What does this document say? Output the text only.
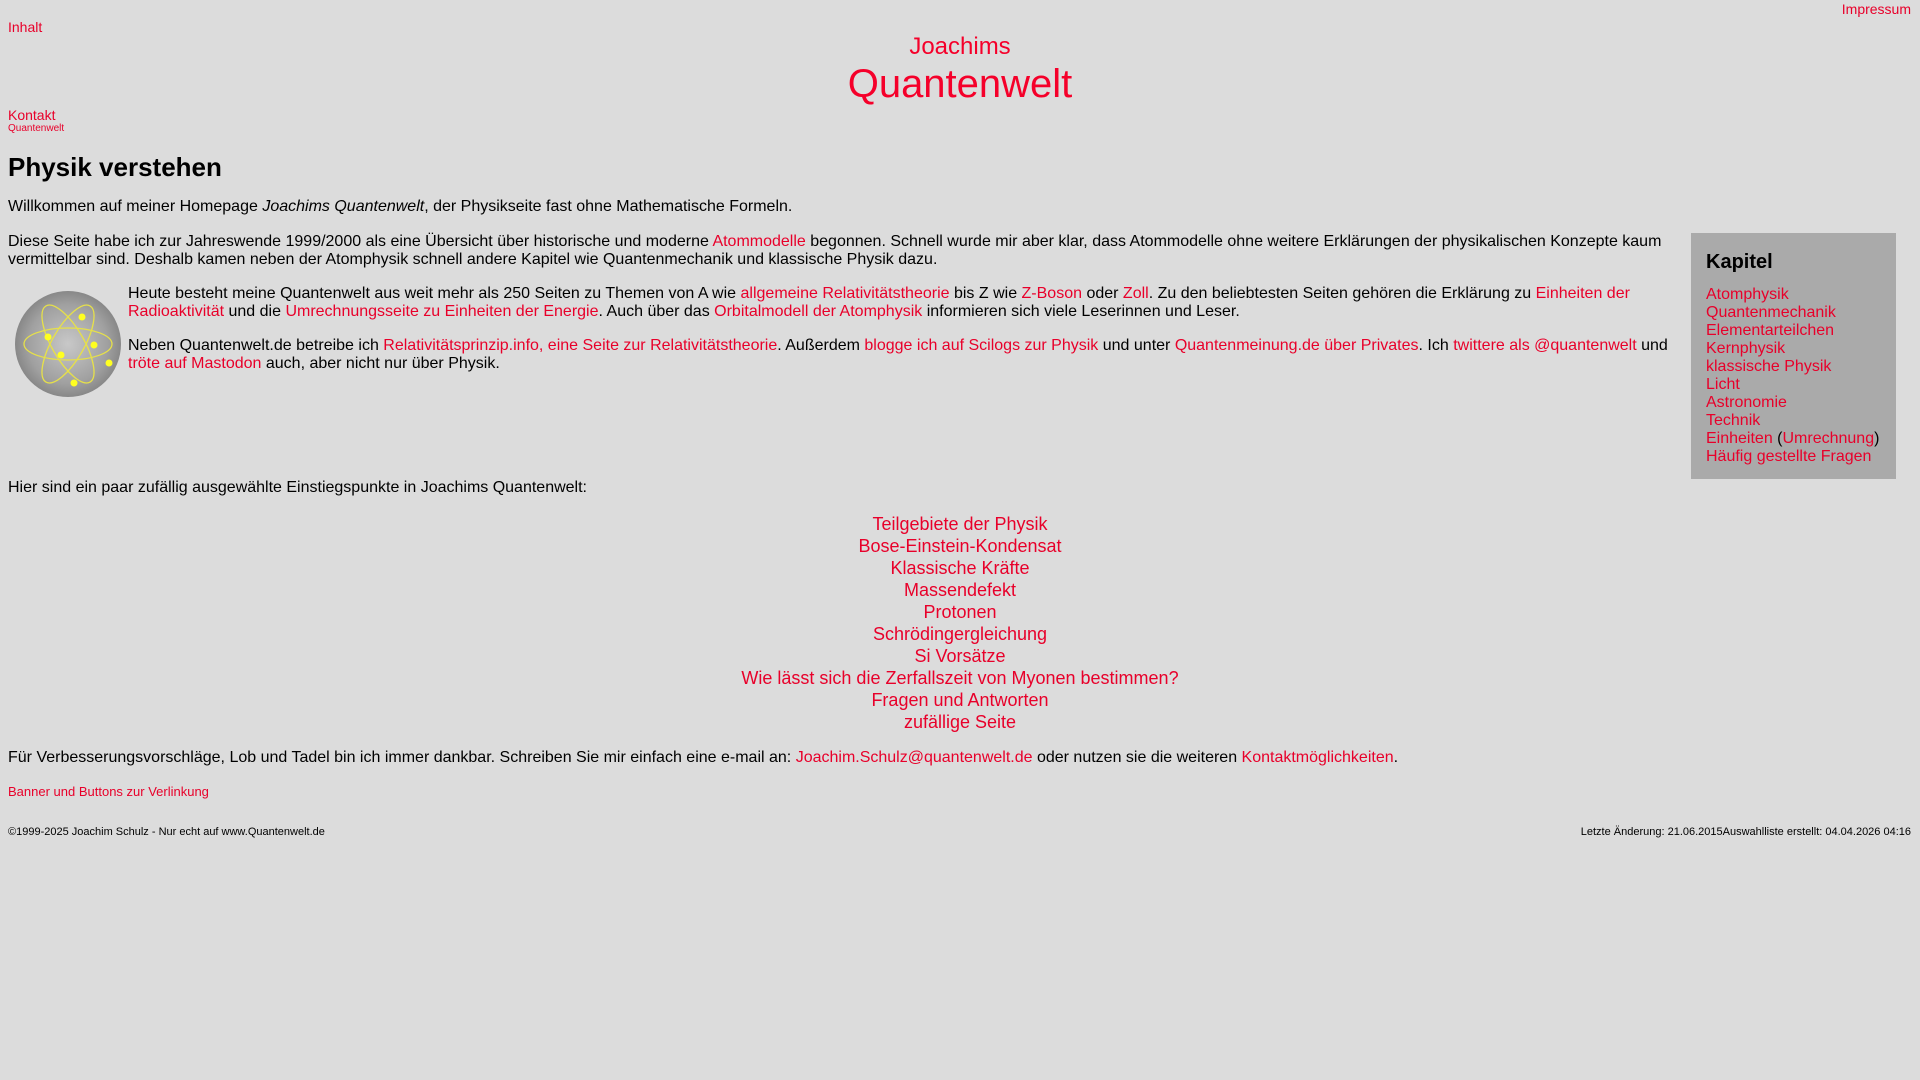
Impressum
Inhalt
Joachims
Quantenwelt
Kontakt
Quantenwelt
Physik verstehen

Willkommen auf meiner Homepage Joachims Quantenwelt, der Physikseite fast ohne Mathematische Formeln.

Diese Seite habe ich zur Jahreswende 1999/2000 als eine Übersicht über historische und moderne Atommodelle begonnen. Schnell wurde mir aber klar, dass Atommodelle ohne weitere Erklärungen der physikalischen Konzepte kaum vermittelbar sind. Deshalb kamen neben der Atomphysik schnell andere Kapitel wie Quantenmechanik und klassische Physik dazu.

Heute besteht meine Quantenwelt aus weit mehr als 250 Seiten zu Themen von A wie allgemeine Relativitätstheorie bis Z wie Z-Boson oder Zoll. Zu den beliebtesten Seiten gehören die Erklärung zu Einheiten der Radioaktivität und die Umrechnungsseite zu Einheiten der Energie. Auch über das Orbitalmodell der Atomphysik informieren sich viele Leserinnen und Leser.

Neben Quantenwelt.de betreibe ich Relativitätsprinzip.info, eine Seite zur Relativitätstheorie. Außerdem blogge ich auf Scilogs zur Physik und unter Quantenmeinung.de über Privates. Ich twittere als @quantenwelt und tröte auf Mastodon auch, aber nicht nur über Physik.

Kapitel
Atomphysik
Quantenmechanik
Elementarteilchen
Kernphysik
klassische Physik
Licht
Astronomie
Technik
Einheiten (Umrechnung)
Häufig gestellte Fragen

Hier sind ein paar zufällig ausgewählte Einstiegspunkte in Joachims Quantenwelt:

Teilgebiete der Physik
Bose-Einstein-Kondensat
Klassische Kräfte
Massendefekt
Protonen
Schrödingergleichung
Si Vorsätze
Wie lässt sich die Zerfallszeit von Myonen bestimmen?
Fragen und Antworten
zufällige Seite

Für Verbesserungsvorschläge, Lob und Tadel bin ich immer dankbar. Schreiben Sie mir einfach eine e-mail an: Joachim.Schulz@quantenwelt.de oder nutzen sie die weiteren Kontaktmöglichkeiten.

Banner und Buttons zur Verlinkung
©1999-2025 Joachim Schulz - Nur echt auf www.Quantenwelt.de	Letzte Änderung: 21.06.2015Auswahlliste erstellt: 04.04.2026 04:16
